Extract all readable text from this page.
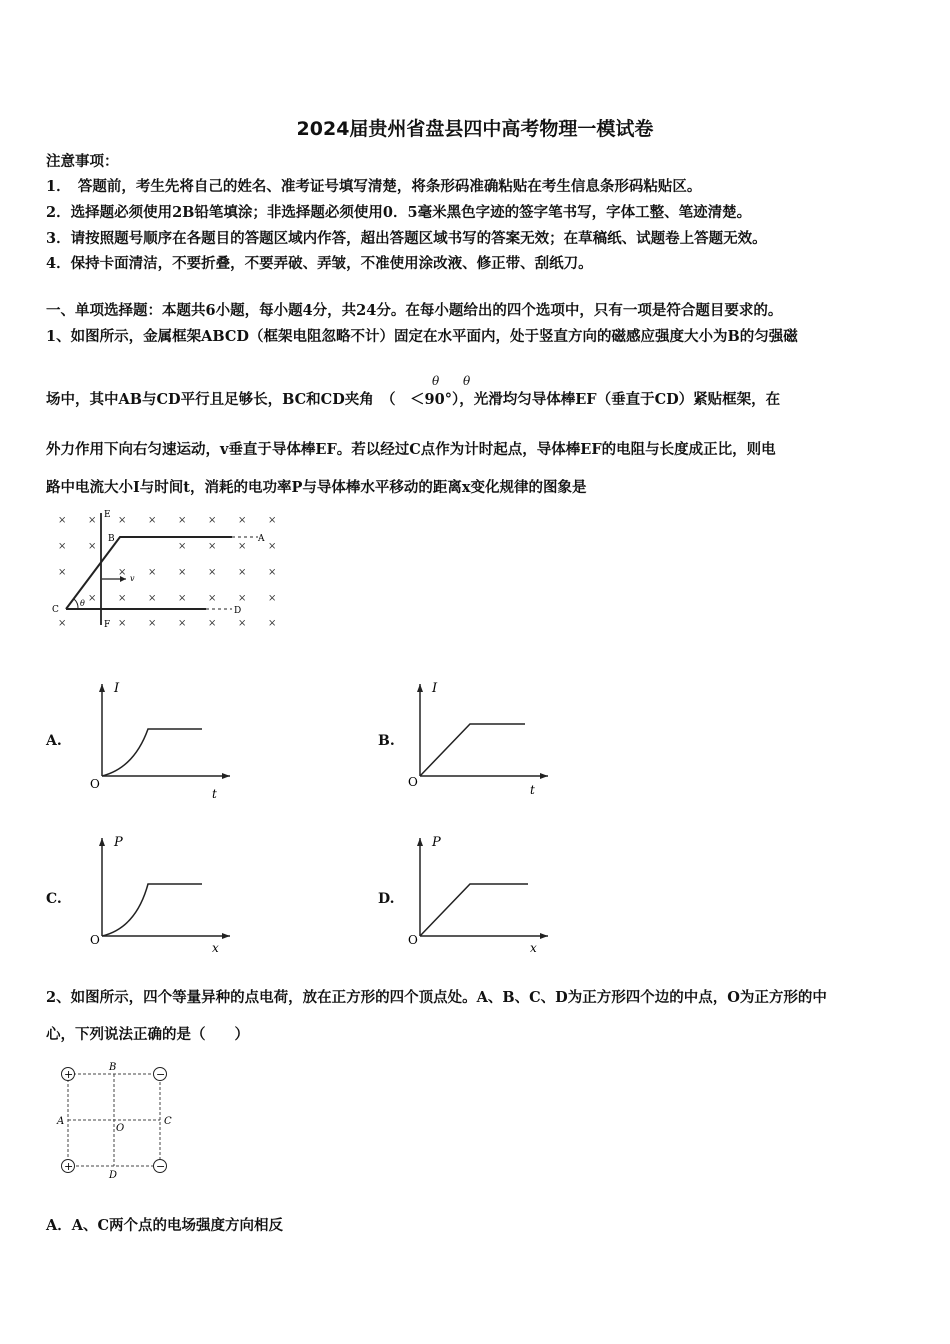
2024届贵州省盘县四中高考物理一模试卷
注意事项：
1．　答题前，考生先将自己的姓名、准考证号填写清楚，将条形码准确粘贴在考生信息条形码粘贴区。
2．选择题必须使用2B铅笔填涂；非选择题必须使用0．5毫米黑色字迹的签字笔书写，字体工整、笔迹清楚。
3．请按照题号顺序在各题目的答题区域内作答，超出答题区域书写的答案无效；在草稿纸、试题卷上答题无效。
4．保持卡面清洁，不要折叠，不要弄破、弄皱，不准使用涂改液、修正带、刮纸刀。
一、单项选择题：本题共6小题，每小题4分，共24分。在每小题给出的四个选项中，只有一项是符合题目要求的。
1、如图所示，金属框架ABCD（框架电阻忽略不计）固定在水平面内，处于竖直方向的磁感应强度大小为B的匀强磁
θ θ
场中，其中AB与CD平行且足够长，BC和CD夹角　（　＜90°），光滑均匀导体棒EF（垂直于CD）紧贴框架，在
外力作用下向右匀速运动，v垂直于导体棒EF。若以经过C点作为计时起点，导体棒EF的电阻与长度成正比，则电
路中电流大小I与时间t，消耗的电功率P与导体棒水平移动的距离x变化规律的图象是
× × × × × × × ×
× ×	× × × ×
×	× × × × × ×
× × × × × × ×
×	× × × × × ×
E
F
B	A
C	D
v
θ
A.
I
O
t
B.
I
O
t
C.
P
O
x
D.
P
O
x
2、如图所示，四个等量异种的点电荷，放在正方形的四个顶点处。A、B、C、D为正方形四个边的中点，O为正方形的中
心，下列说法正确的是（　　）
+	−
+	−
B
A	C
D
O
A．A、C两个点的电场强度方向相反
